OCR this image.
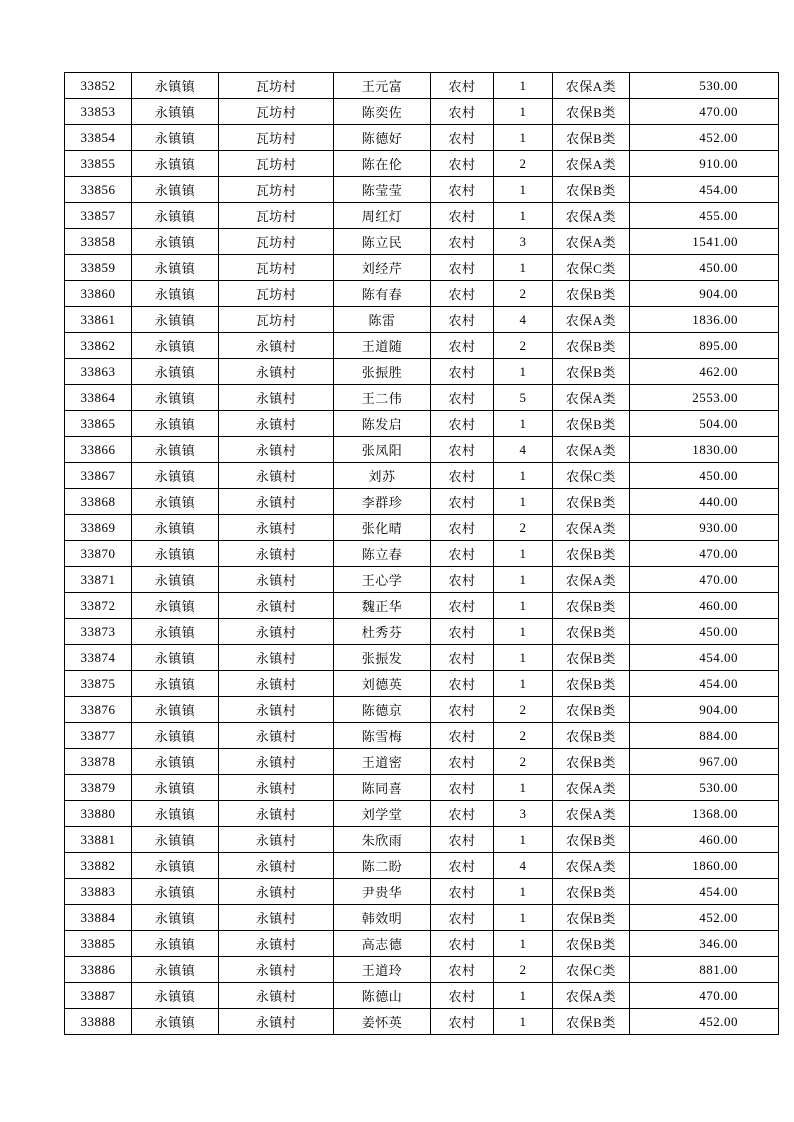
33852	永镇镇	瓦坊村	王元富	农村	1	农保A类	530.00
33853	永镇镇	瓦坊村	陈奕佐	农村	1	农保B类	470.00
33854	永镇镇	瓦坊村	陈德好	农村	1	农保B类	452.00
33855	永镇镇	瓦坊村	陈在伦	农村	2	农保A类	910.00
33856	永镇镇	瓦坊村	陈莹莹	农村	1	农保B类	454.00
33857	永镇镇	瓦坊村	周红灯	农村	1	农保A类	455.00
33858	永镇镇	瓦坊村	陈立民	农村	3	农保A类	1541.00
33859	永镇镇	瓦坊村	刘经芹	农村	1	农保C类	450.00
33860	永镇镇	瓦坊村	陈有春	农村	2	农保B类	904.00
33861	永镇镇	瓦坊村	陈雷	农村	4	农保A类	1836.00
33862	永镇镇	永镇村	王道随	农村	2	农保B类	895.00
33863	永镇镇	永镇村	张振胜	农村	1	农保B类	462.00
33864	永镇镇	永镇村	王二伟	农村	5	农保A类	2553.00
33865	永镇镇	永镇村	陈发启	农村	1	农保B类	504.00
33866	永镇镇	永镇村	张凤阳	农村	4	农保A类	1830.00
33867	永镇镇	永镇村	刘苏	农村	1	农保C类	450.00
33868	永镇镇	永镇村	李群珍	农村	1	农保B类	440.00
33869	永镇镇	永镇村	张化晴	农村	2	农保A类	930.00
33870	永镇镇	永镇村	陈立春	农村	1	农保B类	470.00
33871	永镇镇	永镇村	王心学	农村	1	农保A类	470.00
33872	永镇镇	永镇村	魏正华	农村	1	农保B类	460.00
33873	永镇镇	永镇村	杜秀芬	农村	1	农保B类	450.00
33874	永镇镇	永镇村	张振发	农村	1	农保B类	454.00
33875	永镇镇	永镇村	刘德英	农村	1	农保B类	454.00
33876	永镇镇	永镇村	陈德京	农村	2	农保B类	904.00
33877	永镇镇	永镇村	陈雪梅	农村	2	农保B类	884.00
33878	永镇镇	永镇村	王道密	农村	2	农保B类	967.00
33879	永镇镇	永镇村	陈同喜	农村	1	农保A类	530.00
33880	永镇镇	永镇村	刘学堂	农村	3	农保A类	1368.00
33881	永镇镇	永镇村	朱欣雨	农村	1	农保B类	460.00
33882	永镇镇	永镇村	陈二盼	农村	4	农保A类	1860.00
33883	永镇镇	永镇村	尹贵华	农村	1	农保B类	454.00
33884	永镇镇	永镇村	韩效明	农村	1	农保B类	452.00
33885	永镇镇	永镇村	高志德	农村	1	农保B类	346.00
33886	永镇镇	永镇村	王道玲	农村	2	农保C类	881.00
33887	永镇镇	永镇村	陈德山	农村	1	农保A类	470.00
33888	永镇镇	永镇村	姜怀英	农村	1	农保B类	452.00
